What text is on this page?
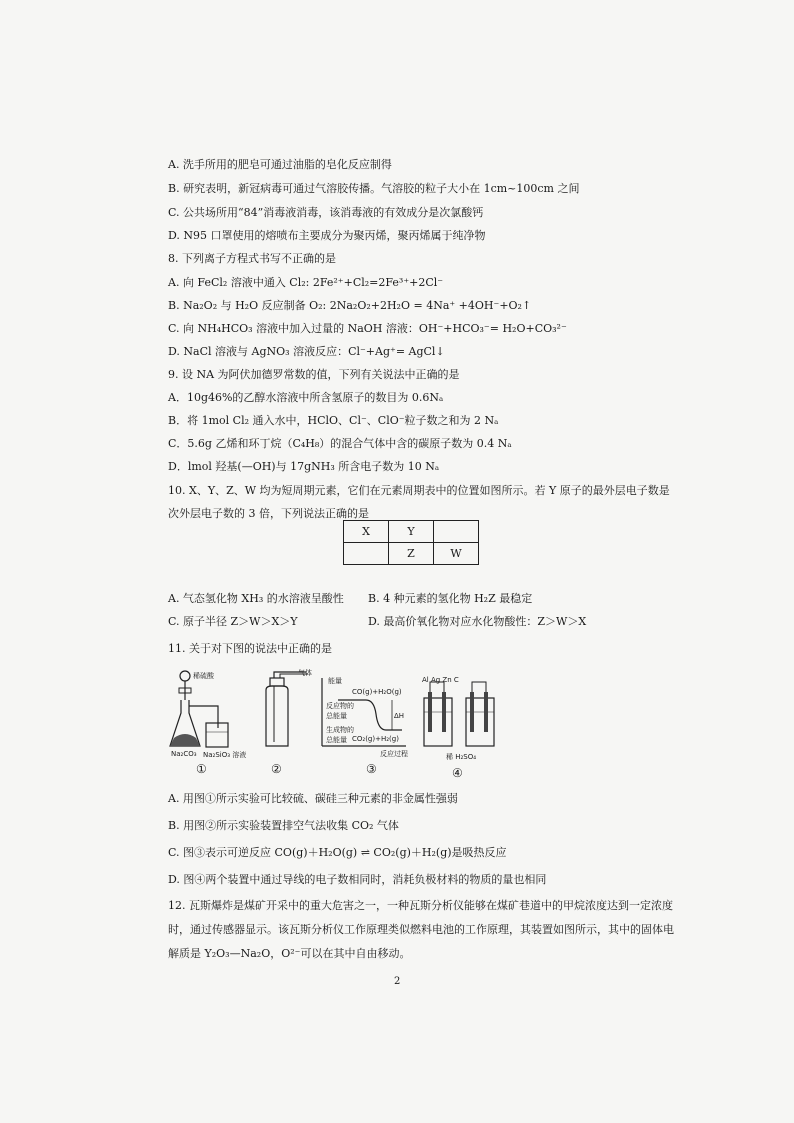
A. 洗手所用的肥皂可通过油脂的皂化反应制得
B. 研究表明，新冠病毒可通过气溶胶传播。气溶胶的粒子大小在 1cm~100cm 之间
C. 公共场所用“84”消毒液消毒，该消毒液的有效成分是次氯酸钙
D. N95 口罩使用的熔喷布主要成分为聚丙烯，聚丙烯属于纯净物
8. 下列离子方程式书写不正确的是
A. 向 FeCl₂ 溶液中通入 Cl₂: 2Fe²⁺+Cl₂=2Fe³⁺+2Cl⁻
B. Na₂O₂ 与 H₂O 反应制备 O₂: 2Na₂O₂+2H₂O = 4Na⁺ +4OH⁻+O₂↑
C. 向 NH₄HCO₃ 溶液中加入过量的 NaOH 溶液：OH⁻+HCO₃⁻= H₂O+CO₃²⁻
D. NaCl 溶液与 AgNO₃ 溶液反应：Cl⁻+Ag⁺= AgCl↓
9. 设 NA 为阿伏加德罗常数的值，下列有关说法中正确的是
A．10g46%的乙醇水溶液中所含氢原子的数目为 0.6Nₐ
B．将 1mol Cl₂ 通入水中，HClO、Cl⁻、ClO⁻粒子数之和为 2 Nₐ
C．5.6g 乙烯和环丁烷（C₄H₈）的混合气体中含的碳原子数为 0.4 Nₐ
D．lmol 羟基(—OH)与 17gNH₃ 所含电子数为 10 Nₐ
10. X、Y、Z、W 均为短周期元素，它们在元素周期表中的位置如图所示。若 Y 原子的最外层电子数是
次外层电子数的 3 倍，下列说法正确的是
X	Y	
	Z	W
A. 气态氢化物 XH₃ 的水溶液呈酸性 B. 4 种元素的氢化物 H₂Z 最稳定
C. 原子半径 Z＞W＞X＞Y	D. 最高价氧化物对应水化物酸性：Z＞W＞X
11. 关于对下图的说法中正确的是
稀硫酸
Na₂CO₃ Na₂SiO₃ 溶液
①
气体
②
能量
CO(g)+H₂O(g)
反应物的
总能量	ΔH
生成物的
总能量 CO₂(g)+H₂(g)
反应过程
③
Al Ag Zn C
稀 H₂SO₄
④
A. 用图①所示实验可比较硫、碳硅三种元素的非金属性强弱
B. 用图②所示实验装置排空气法收集 CO₂ 气体
C. 图③表示可逆反应 CO(g)＋H₂O(g) ⇌ CO₂(g)＋H₂(g)是吸热反应
D. 图④两个装置中通过导线的电子数相同时，消耗负极材料的物质的量也相同
12. 瓦斯爆炸是煤矿开采中的重大危害之一，一种瓦斯分析仪能够在煤矿巷道中的甲烷浓度达到一定浓度
时，通过传感器显示。该瓦斯分析仪工作原理类似燃料电池的工作原理，其装置如图所示，其中的固体电
解质是 Y₂O₃—Na₂O，O²⁻可以在其中自由移动。
2
